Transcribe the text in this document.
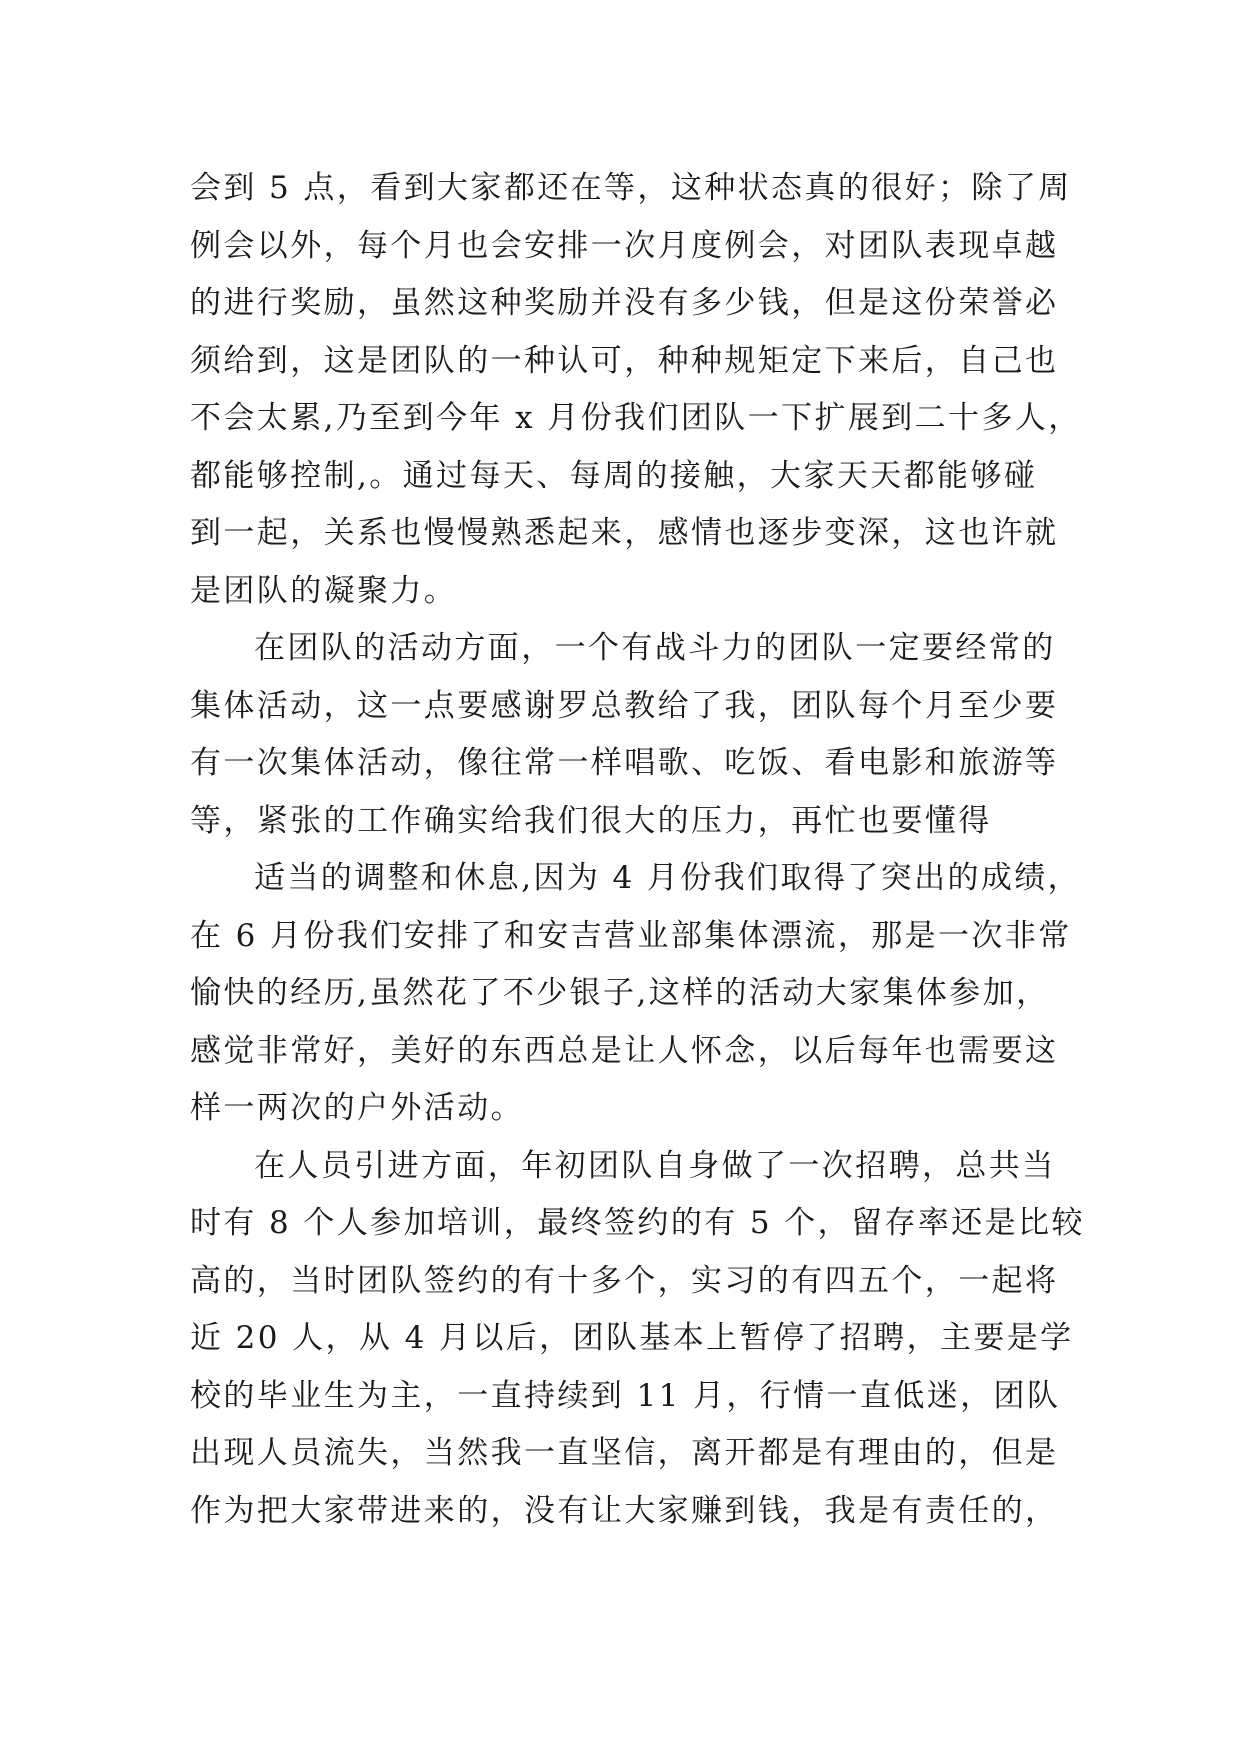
会到 5 点，看到大家都还在等，这种状态真的很好；除了周
例会以外，每个月也会安排一次月度例会，对团队表现卓越
的进行奖励，虽然这种奖励并没有多少钱，但是这份荣誉必
须给到，这是团队的一种认可，种种规矩定下来后，自己也
不会太累,乃至到今年 x 月份我们团队一下扩展到二十多人，
都能够控制,。通过每天、每周的接触，大家天天都能够碰
到一起，关系也慢慢熟悉起来，感情也逐步变深，这也许就
是团队的凝聚力。
在团队的活动方面，一个有战斗力的团队一定要经常的
集体活动，这一点要感谢罗总教给了我，团队每个月至少要
有一次集体活动，像往常一样唱歌、吃饭、看电影和旅游等
等，紧张的工作确实给我们很大的压力，再忙也要懂得
适当的调整和休息,因为 4 月份我们取得了突出的成绩，
在 6 月份我们安排了和安吉营业部集体漂流，那是一次非常
愉快的经历,虽然花了不少银子,这样的活动大家集体参加，
感觉非常好，美好的东西总是让人怀念，以后每年也需要这
样一两次的户外活动。
在人员引进方面，年初团队自身做了一次招聘，总共当
时有 8 个人参加培训，最终签约的有 5 个，留存率还是比较
高的，当时团队签约的有十多个，实习的有四五个，一起将
近 20 人，从 4 月以后，团队基本上暂停了招聘，主要是学
校的毕业生为主，一直持续到 11 月，行情一直低迷，团队
出现人员流失，当然我一直坚信，离开都是有理由的，但是
作为把大家带进来的，没有让大家赚到钱，我是有责任的，
